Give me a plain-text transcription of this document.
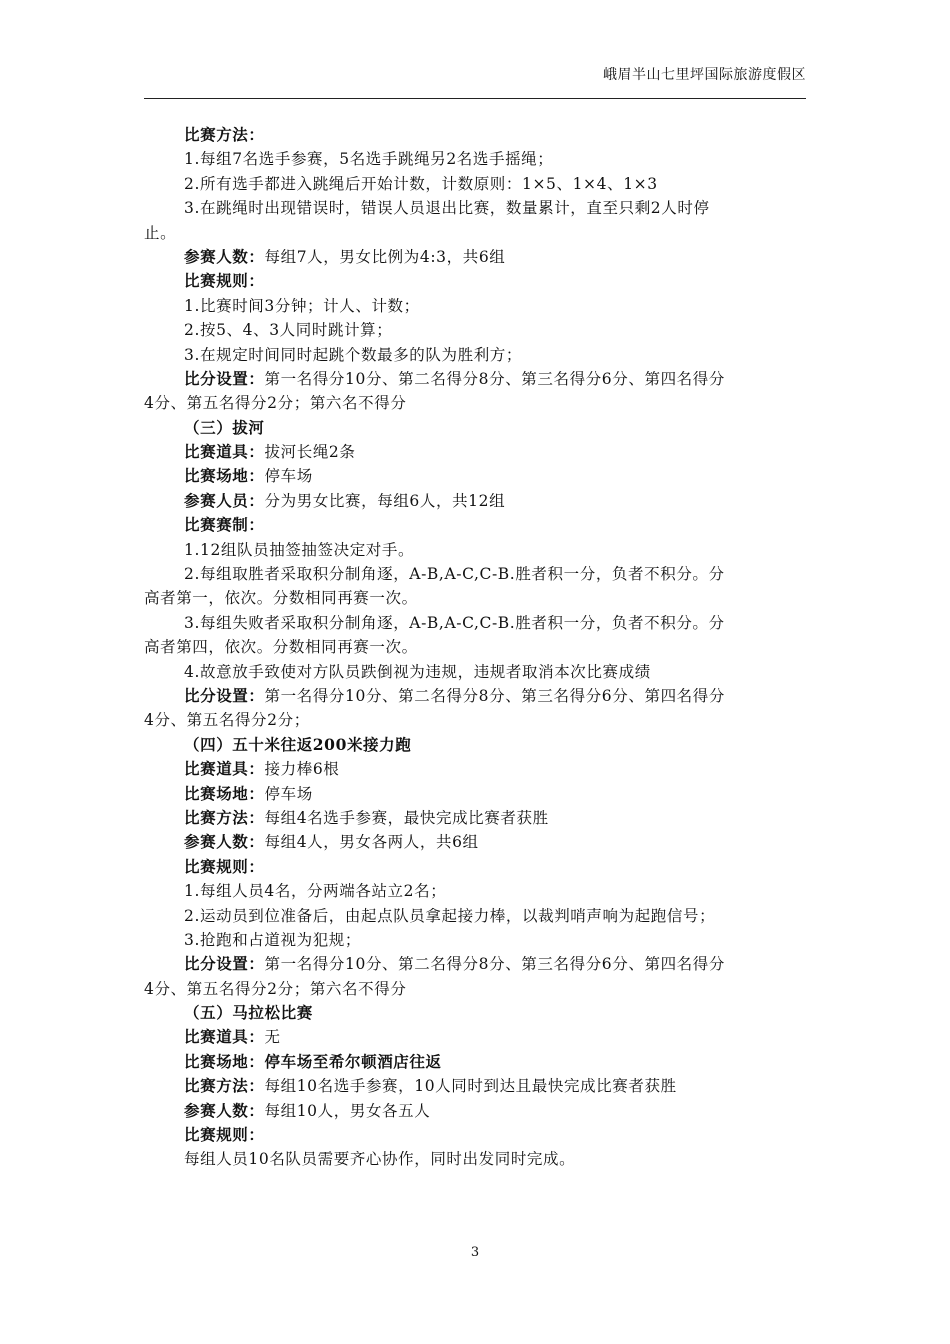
峨眉半山七里坪国际旅游度假区
比赛方法：
1.每组7名选手参赛，5名选手跳绳另2名选手摇绳；
2.所有选手都进入跳绳后开始计数，计数原则：1×5、1×4、1×3
3.在跳绳时出现错误时，错误人员退出比赛，数量累计，直至只剩2人时停
止。
参赛人数：每组7人，男女比例为4:3，共6组
比赛规则：
1.比赛时间3分钟；计人、计数；
2.按5、4、3人同时跳计算；
3.在规定时间同时起跳个数最多的队为胜利方；
比分设置：第一名得分10分、第二名得分8分、第三名得分6分、第四名得分
4分、第五名得分2分；第六名不得分
（三）拔河
比赛道具：拔河长绳2条
比赛场地：停车场
参赛人员：分为男女比赛，每组6人，共12组
比赛赛制：
1.12组队员抽签抽签决定对手。
2.每组取胜者采取积分制角逐，A-B,A-C,C-B.胜者积一分，负者不积分。分
高者第一，依次。分数相同再赛一次。
3.每组失败者采取积分制角逐，A-B,A-C,C-B.胜者积一分，负者不积分。分
高者第四，依次。分数相同再赛一次。
4.故意放手致使对方队员跌倒视为违规，违规者取消本次比赛成绩
比分设置：第一名得分10分、第二名得分8分、第三名得分6分、第四名得分
4分、第五名得分2分；
（四）五十米往返200米接力跑
比赛道具：接力棒6根
比赛场地：停车场
比赛方法：每组4名选手参赛，最快完成比赛者获胜
参赛人数：每组4人，男女各两人，共6组
比赛规则：
1.每组人员4名，分两端各站立2名；
2.运动员到位准备后，由起点队员拿起接力棒，以裁判哨声响为起跑信号；
3.抢跑和占道视为犯规；
比分设置：第一名得分10分、第二名得分8分、第三名得分6分、第四名得分
4分、第五名得分2分；第六名不得分
（五）马拉松比赛
比赛道具：无
比赛场地：停车场至希尔顿酒店往返
比赛方法：每组10名选手参赛，10人同时到达且最快完成比赛者获胜
参赛人数：每组10人，男女各五人
比赛规则：
每组人员10名队员需要齐心协作，同时出发同时完成。
3
